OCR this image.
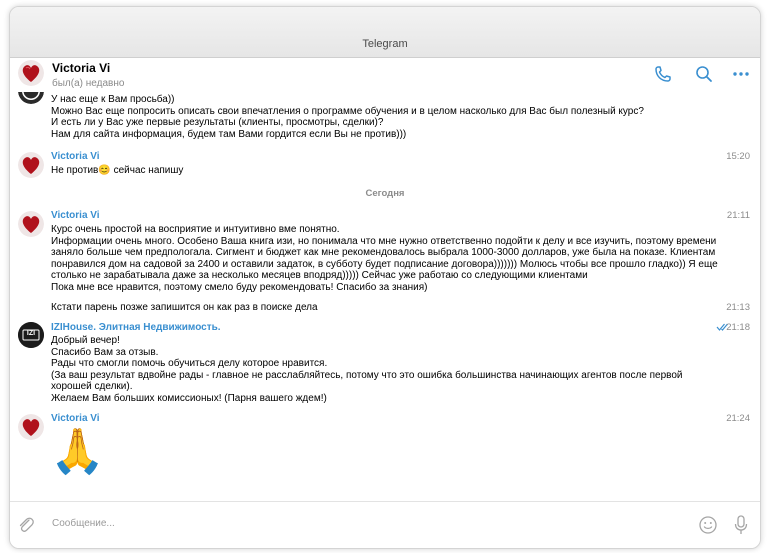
Telegram
Victoria Vi
был(а) недавно
У нас еще к Вам просьба))
Можно Вас еще попросить описать свои впечатления о программе обучения и в целом насколько для Вас был полезный курс?
И есть ли у Вас уже первые результаты (клиенты, просмотры, сделки)?
Нам для сайта информация, будем там Вами гордится если Вы не против)))
Victoria Vi	15:20
Не против😊 сейчас напишу
Сегодня
Victoria Vi	21:11
Курс очень простой на восприятие и интуитивно вме понятно.
Информации очень много. Особено Ваша книга изи, но понимала что мне нужно ответственно подойти к делу и все изучить, поэтому времени
заняло больше чем предпологала. Сигмент и бюджет как мне рекомендовалось выбрала 1000-3000 долларов, уже была на показе. Клиентам
понравился дом на садовой за 2400 и оставили задаток, в субботу будет подписание договора))))))) Молюсь чтобы все прошло гладко)) Я еще
столько не зарабатывала даже за несколько месяцев вподряд))))) Сейчас уже работаю со следующими клиентами
Пока мне все нравится, поэтому смело буду рекомендовать! Спасибо за знания)
Кстати парень позже запишится он как раз в поиске дела	21:13
IZI
IZIHouse. Элитная Недвижимость.	21:18
Добрый вечер!
Спасибо Вам за отзыв.
Рады что смогли помочь обучиться делу которое нравится.
(За ваш результат вдвойне рады - главное не расслабляйтесь, потому что это ошибка большинства начинающих агентов после первой
хорошей сделки).
Желаем Вам больших комиссионых! (Парня вашего ждем!)
Victoria Vi	21:24
🙏
Сообщение...
